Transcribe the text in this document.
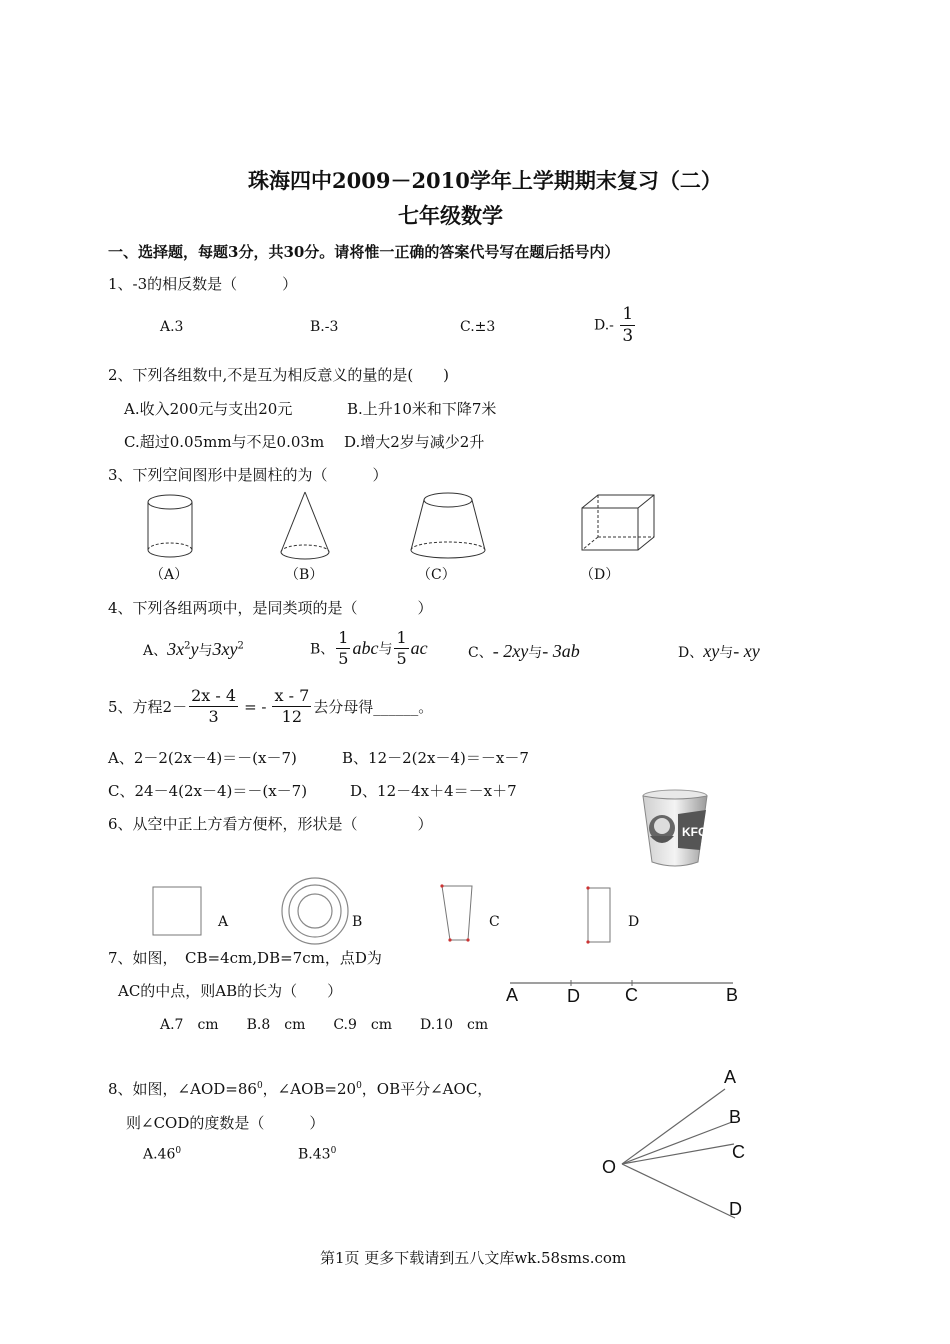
珠海四中2009－2010学年上学期期末复习（二）
七年级数学
一、选择题，每题3分，共30分。请将惟一正确的答案代号写在题后括号内）
1、-3的相反数是（　　　）
A.3	B.-3	C.±3	$D.- \frac{1}{3}$
2、下列各组数中,不是互为相反意义的量的是(　　)
A.收入200元与支出20元	B.上升10米和下降7米
C.超过0.05mm与不足0.03m D.增大2岁与减少2升
3、下列空间图形中是圆柱的为（　　　）
（A）	（B）	（C）	（D）
4、下列各组两项中，是同类项的是（　　　　）
A、$3x^2y$与$3xy^2$	B、 $\frac{1}{5}$ abc与 $\frac{1}{5}$ ac	C、- 2xy与- 3ab	D、xy与- xy
5、方程$2- \frac{2x - 4}{3}$ = - $\frac{x - 7}{12}$ 去分母得______。
A、2－2(2x－4)＝－(x－7)	B、12－2(2x－4)＝－x－7
C、24－4(2x－4)＝－(x－7)	D、12－4x＋4＝－x＋7
6、从空中正上方看方便杯，形状是（　　　　）	KFC
A	B	C	D
7、如图，　CB=4cm,DB=7cm，点D为
AC的中点，则AB的长为（　　）
A.7　cm　　B.8　cm　　C.9　cm　　D.10　cm
A	D	C	B
8、如图，$\angle AOD=86^0$，$\angle AOB=20^0$，OB平分∠AOC，
则∠COD的度数是（　　　）
$A.46^0$	$B.43^0$
A
B
C
D
O
第1页 更多下载请到五八文库wk.58sms.com
